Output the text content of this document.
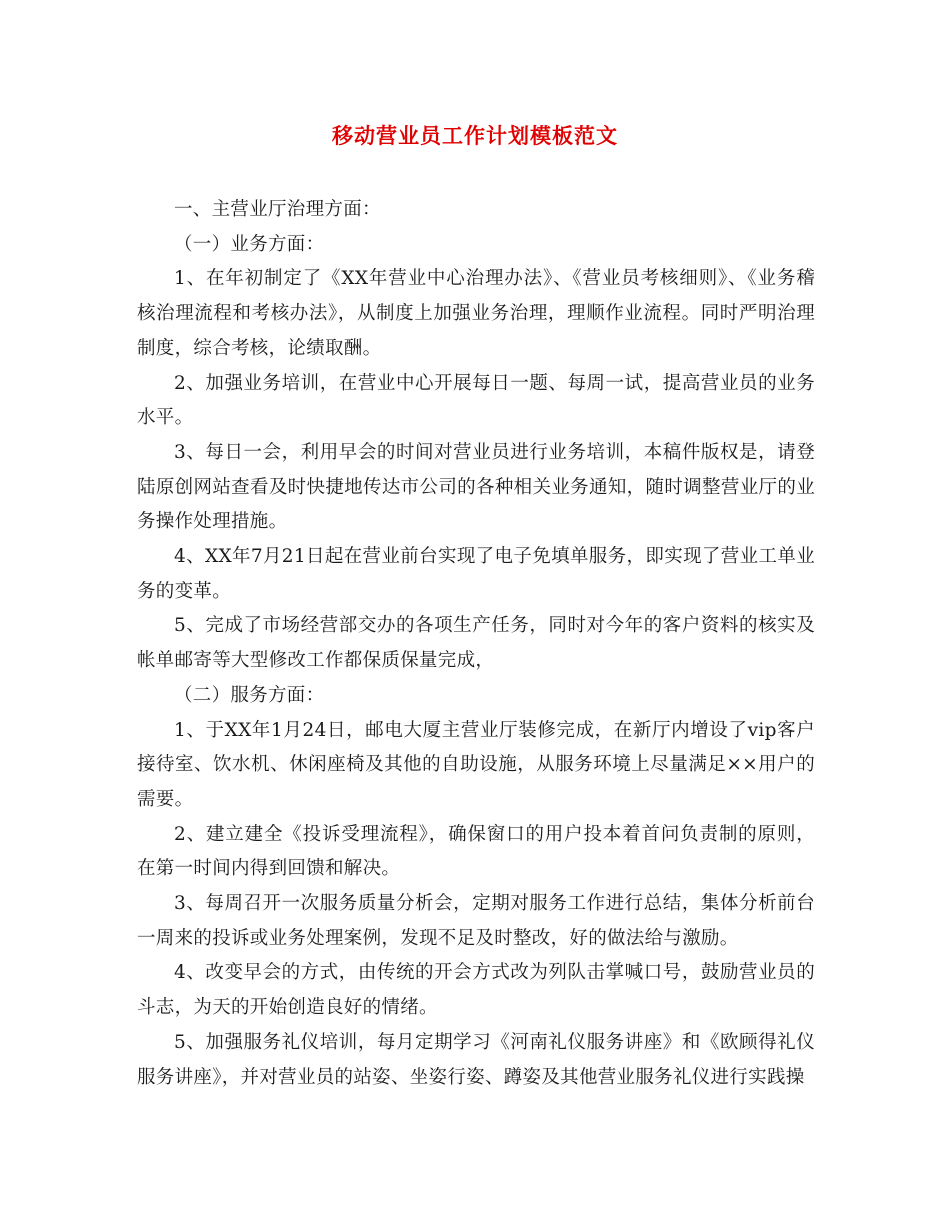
移动营业员工作计划模板范文

一、主营业厅治理方面：

（一）业务方面：

1、在年初制定了《XX年营业中心治理办法》、《营业员考核细则》、《业务稽核治理流程和考核办法》，从制度上加强业务治理，理顺作业流程。同时严明治理制度，综合考核，论绩取酬。

2、加强业务培训，在营业中心开展每日一题、每周一试，提高营业员的业务水平。

3、每日一会，利用早会的时间对营业员进行业务培训，本稿件版权是，请登陆原创网站查看及时快捷地传达市公司的各种相关业务通知，随时调整营业厅的业务操作处理措施。

4、XX年7月21日起在营业前台实现了电子免填单服务，即实现了营业工单业务的变革。

5、完成了市场经营部交办的各项生产任务，同时对今年的客户资料的核实及帐单邮寄等大型修改工作都保质保量完成，

（二）服务方面：

1、于XX年1月24日，邮电大厦主营业厅装修完成，在新厅内增设了vip客户接待室、饮水机、休闲座椅及其他的自助设施，从服务环境上尽量满足××用户的需要。

2、建立建全《投诉受理流程》，确保窗口的用户投本着首问负责制的原则，在第一时间内得到回馈和解决。

3、每周召开一次服务质量分析会，定期对服务工作进行总结，集体分析前台一周来的投诉或业务处理案例，发现不足及时整改，好的做法给与激励。

4、改变早会的方式，由传统的开会方式改为列队击掌喊口号，鼓励营业员的斗志，为天的开始创造良好的情绪。

5、加强服务礼仪培训，每月定期学习《河南礼仪服务讲座》和《欧顾得礼仪服务讲座》，并对营业员的站姿、坐姿行姿、蹲姿及其他营业服务礼仪进行实践操
